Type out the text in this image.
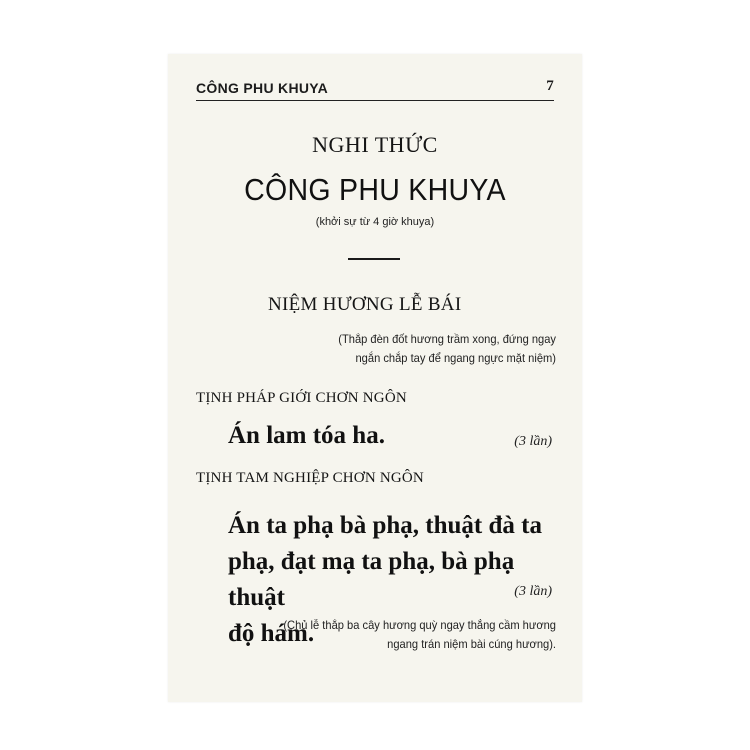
CÔNG PHU KHUYA	7
NGHI THỨC
CÔNG PHU KHUYA
(khởi sự từ 4 giờ khuya)
NIỆM HƯƠNG LỄ BÁI
(Thắp đèn đốt hương trầm xong, đứng ngay
ngắn chắp tay để ngang ngực mặt niệm)
TỊNH PHÁP GIỚI CHƠN NGÔN
Án lam tóa ha.	(3 lần)
TỊNH TAM NGHIỆP CHƠN NGÔN
Án ta phạ bà phạ, thuật đà ta
phạ, đạt mạ ta phạ, bà phạ thuật
độ hám.
(3 lần)
(Chủ lễ thắp ba cây hương quỳ ngay thẳng cầm hương
ngang trán niệm bài cúng hương).
